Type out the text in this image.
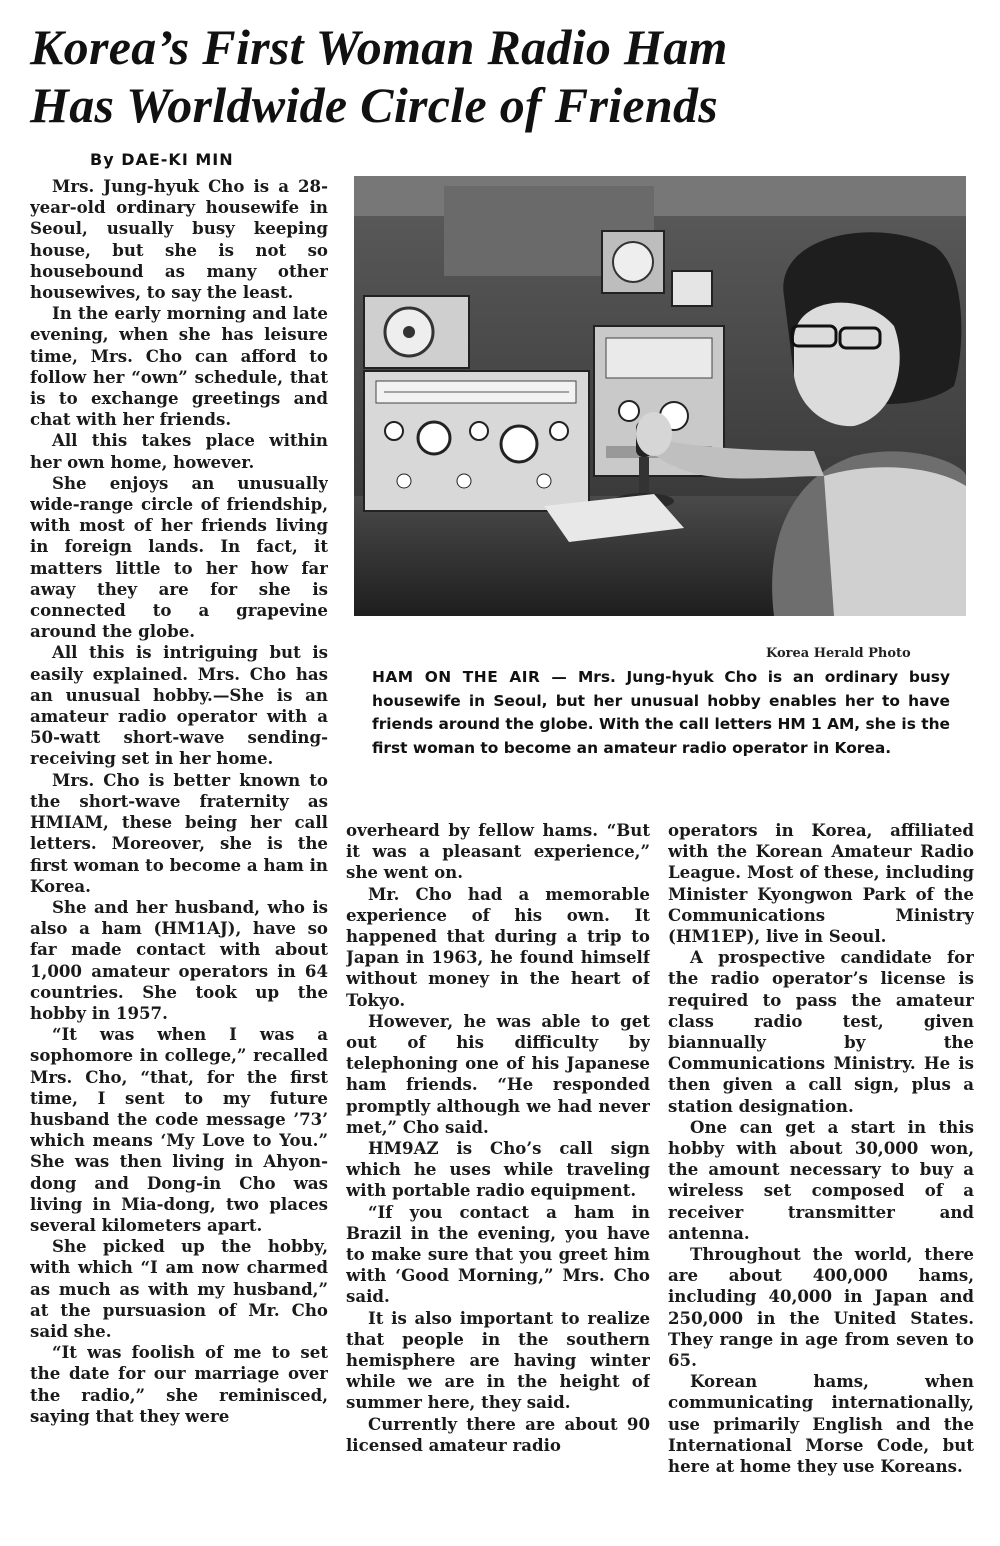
Korea’s First Woman Radio Ham
Has Worldwide Circle of Friends
By DAE-KI MIN

Mrs. Jung-hyuk Cho is a 28-year-old ordinary housewife in Seoul, usually busy keeping house, but she is not so housebound as many other housewives, to say the least.

In the early morning and late evening, when she has leisure time, Mrs. Cho can afford to follow her “own” schedule, that is to exchange greetings and chat with her friends.

All this takes place within her own home, however.

She enjoys an unusually wide-range circle of friendship, with most of her friends living in foreign lands. In fact, it matters little to her how far away they are for she is connected to a grapevine around the globe.

All this is intriguing but is easily explained. Mrs. Cho has an unusual hobby.—She is an amateur radio operator with a 50-watt short-wave sending-receiving set in her home.

Mrs. Cho is better known to the short-wave fraternity as HMIAM, these being her call letters. Moreover, she is the first woman to become a ham in Korea.

She and her husband, who is also a ham (HM1AJ), have so far made contact with about 1,000 amateur operators in 64 countries. She took up the hobby in 1957.

“It was when I was a sophomore in college,” recalled Mrs. Cho, “that, for the first time, I sent to my future husband the code message ’73’ which means ‘My Love to You.” She was then living in Ahyon-dong and Dong-in Cho was living in Mia-dong, two places several kilometers apart.

She picked up the hobby, with which “I am now charmed as much as with my husband,” at the pursuasion of Mr. Cho said she.

“It was foolish of me to set the date for our marriage over the radio,” she reminisced, saying that they were

Korea Herald Photo
HAM ON THE AIR — Mrs. Jung-hyuk Cho is an ordinary busy housewife in Seoul, but her unusual hobby enables her to have friends around the globe. With the call letters HM 1 AM, she is the first woman to become an amateur radio operator in Korea.

overheard by fellow hams. “But it was a pleasant experience,” she went on.

Mr. Cho had a memorable experience of his own. It happened that during a trip to Japan in 1963, he found himself without money in the heart of Tokyo.

However, he was able to get out of his difficulty by telephoning one of his Japanese ham friends. “He responded promptly although we had never met,” Cho said.

HM9AZ is Cho’s call sign which he uses while traveling with portable radio equipment.

“If you contact a ham in Brazil in the evening, you have to make sure that you greet him with ‘Good Morning,” Mrs. Cho said.

It is also important to realize that people in the southern hemisphere are having winter while we are in the height of summer here, they said.

Currently there are about 90 licensed amateur radio

operators in Korea, affiliated with the Korean Amateur Radio League. Most of these, including Minister Kyongwon Park of the Communications Ministry (HM1EP), live in Seoul.

A prospective candidate for the radio operator’s license is required to pass the amateur class radio test, given biannually by the Communications Ministry. He is then given a call sign, plus a station designation.

One can get a start in this hobby with about 30,000 won, the amount necessary to buy a wireless set composed of a receiver transmitter and antenna.

Throughout the world, there are about 400,000 hams, including 40,000 in Japan and 250,000 in the United States. They range in age from seven to 65.

Korean hams, when communicating internationally, use primarily English and the International Morse Code, but here at home they use Koreans.
